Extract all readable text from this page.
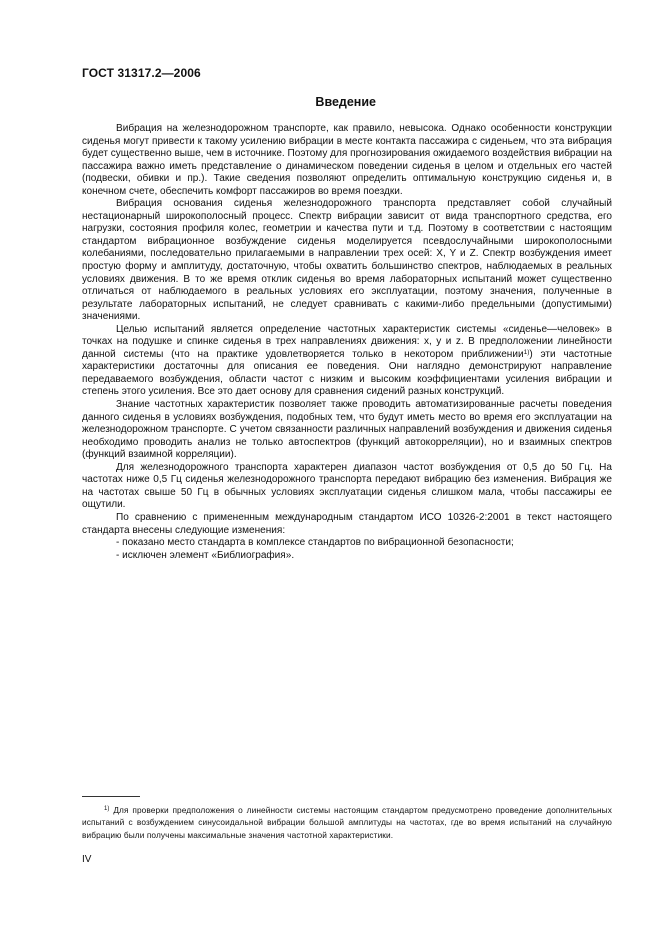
ГОСТ 31317.2—2006
Введение

Вибрация на железнодорожном транспорте, как правило, невысока. Однако особенности конструкции сиденья могут привести к такому усилению вибрации в месте контакта пассажира с сиденьем, что эта вибрация будет существенно выше, чем в источнике. Поэтому для прогнозирования ожидаемого воздействия вибрации на пассажира важно иметь представление о динамическом поведении сиденья в целом и отдельных его частей (подвески, обивки и пр.). Такие сведения позволяют определить оптимальную конструкцию сиденья и, в конечном счете, обеспечить комфорт пассажиров во время поездки.

Вибрация основания сиденья железнодорожного транспорта представляет собой случайный нестационарный широкополосный процесс. Спектр вибрации зависит от вида транспортного средства, его нагрузки, состояния профиля колес, геометрии и качества пути и т.д. Поэтому в соответствии с настоящим стандартом вибрационное возбуждение сиденья моделируется псевдослучайными широкополосными колебаниями, последовательно прилагаемыми в направлении трех осей: X, Y и Z. Спектр возбуждения имеет простую форму и амплитуду, достаточную, чтобы охватить большинство спектров, наблюдаемых в реальных условиях движения. В то же время отклик сиденья во время лабораторных испытаний может существенно отличаться от наблюдаемого в реальных условиях его эксплуатации, поэтому значения, полученные в результате лабораторных испытаний, не следует сравнивать с какими-либо предельными (допустимыми) значениями.

Целью испытаний является определение частотных характеристик системы «сиденье—человек» в точках на подушке и спинке сиденья в трех направлениях движения: x, y и z. В предположении линейности данной системы (что на практике удовлетворяется только в некотором приближении$^{1)}$) эти частотные характеристики достаточны для описания ее поведения. Они наглядно демонстрируют направление передаваемого возбуждения, области частот с низким и высоким коэффициентами усиления вибрации и степень этого усиления. Все это дает основу для сравнения сидений разных конструкций.

Знание частотных характеристик позволяет также проводить автоматизированные расчеты поведения данного сиденья в условиях возбуждения, подобных тем, что будут иметь место во время его эксплуатации на железнодорожном транспорте. С учетом связанности различных направлений возбуждения и движения сиденья необходимо проводить анализ не только автоспектров (функций автокорреляции), но и взаимных спектров (функций взаимной корреляции).

Для железнодорожного транспорта характерен диапазон частот возбуждения от 0,5 до 50 Гц. На частотах ниже 0,5 Гц сиденья железнодорожного транспорта передают вибрацию без изменения. Вибрация же на частотах свыше 50 Гц в обычных условиях эксплуатации сиденья слишком мала, чтобы пассажиры ее ощутили.

По сравнению с примененным международным стандартом ИСО 10326-2:2001 в текст настоящего стандарта внесены следующие изменения:

- показано место стандарта в комплексе стандартов по вибрационной безопасности;

- исключен элемент «Библиография».

$^{1)}$ Для проверки предположения о линейности системы настоящим стандартом предусмотрено проведение дополнительных испытаний с возбуждением синусоидальной вибрации большой амплитуды на частотах, где во время испытаний на случайную вибрацию были получены максимальные значения частотной характеристики.
IV
